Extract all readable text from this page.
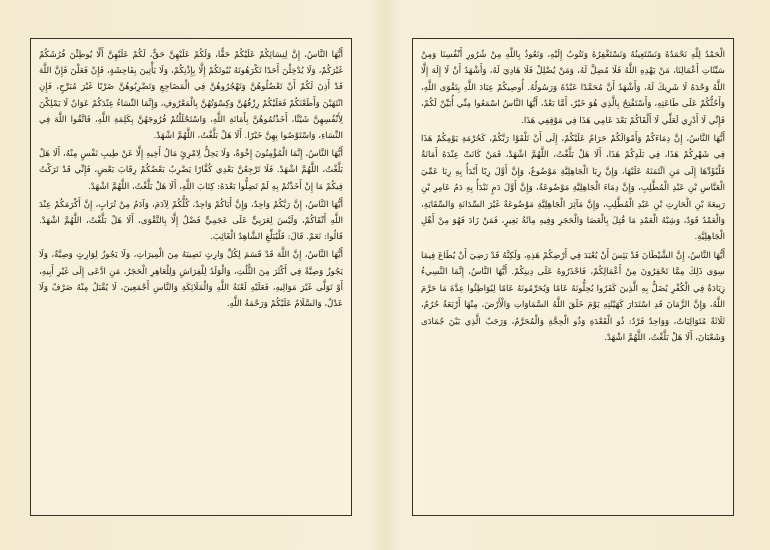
أَيُّهَا النَّاسُ، إِنَّ لِنِسَائِكُمْ عَلَيْكُمْ حَقًّا، وَلَكُمْ عَلَيْهِنَّ حَقٌّ، لَكُمْ عَلَيْهِنَّ أَلَّا يُوطِئْنَ فُرُشَكُمْ غَيْرَكُمْ، وَلَا يُدْخِلْنَ أَحَدًا تَكْرَهُونَهُ بُيُوتَكُمْ إِلَّا بِإِذْنِكُمْ، وَلَا يَأْتِينَ بِفَاحِشَةٍ، فَإِنْ فَعَلْنَ فَإِنَّ اللَّهَ قَدْ أَذِنَ لَكُمْ أَنْ تَعْضُلُوهُنَّ وَتَهْجُرُوهُنَّ فِي الْمَضَاجِعِ وَتَضْرِبُوهُنَّ ضَرْبًا غَيْرَ مُبَرِّحٍ، فَإِنِ انْتَهَيْنَ وَأَطَعْنَكُمْ فَعَلَيْكُمْ رِزْقُهُنَّ وَكِسْوَتُهُنَّ بِالْمَعْرُوفِ، وَإِنَّمَا النِّسَاءُ عِنْدَكُمْ عَوَانٌ لَا يَمْلِكْنَ لِأَنْفُسِهِنَّ شَيْئًا، أَخَذْتُمُوهُنَّ بِأَمَانَةِ اللَّهِ، وَاسْتَحْلَلْتُمْ فُرُوجَهُنَّ بِكَلِمَةِ اللَّهِ، فَاتَّقُوا اللَّهَ فِي النِّسَاءِ، وَاسْتَوْصُوا بِهِنَّ خَيْرًا. أَلَا هَلْ بَلَّغْتُ، اللَّهُمَّ اشْهَدْ.

أَيُّهَا النَّاسُ، إِنَّمَا الْمُؤْمِنُونَ إِخْوَةٌ، وَلَا يَحِلُّ لِامْرِئٍ مَالُ أَخِيهِ إِلَّا عَنْ طِيبِ نَفْسٍ مِنْهُ، أَلَا هَلْ بَلَّغْتُ، اللَّهُمَّ اشْهَدْ. فَلَا تَرْجِعُنَّ بَعْدِي كُفَّارًا يَضْرِبُ بَعْضُكُمْ رِقَابَ بَعْضٍ، فَإِنِّي قَدْ تَرَكْتُ فِيكُمْ مَا إِنْ أَخَذْتُمْ بِهِ لَمْ تَضِلُّوا بَعْدَهُ: كِتَابَ اللَّهِ، أَلَا هَلْ بَلَّغْتُ، اللَّهُمَّ اشْهَدْ.

أَيُّهَا النَّاسُ، إِنَّ رَبَّكُمْ وَاحِدٌ، وَإِنَّ أَبَاكُمْ وَاحِدٌ، كُلُّكُمْ لِآدَمَ، وَآدَمُ مِنْ تُرَابٍ، إِنَّ أَكْرَمَكُمْ عِنْدَ اللَّهِ أَتْقَاكُمْ، وَلَيْسَ لِعَرَبِيٍّ عَلَى عَجَمِيٍّ فَضْلٌ إِلَّا بِالتَّقْوَى، أَلَا هَلْ بَلَّغْتُ، اللَّهُمَّ اشْهَدْ. قَالُوا: نَعَمْ. قَالَ: فَلْيُبَلِّغِ الشَّاهِدُ الْغَائِبَ.

أَيُّهَا النَّاسُ، إِنَّ اللَّهَ قَدْ قَسَمَ لِكُلِّ وَارِثٍ نَصِيبَهُ مِنَ الْمِيرَاثِ، وَلَا يَجُوزُ لِوَارِثٍ وَصِيَّةٌ، وَلَا يَجُوزُ وَصِيَّةٌ فِي أَكْثَرَ مِنَ الثُّلُثِ، وَالْوَلَدُ لِلْفِرَاشِ وَلِلْعَاهِرِ الْحَجَرُ، مَنِ ادَّعَى إِلَى غَيْرِ أَبِيهِ، أَوْ تَوَلَّى غَيْرَ مَوَالِيهِ، فَعَلَيْهِ لَعْنَةُ اللَّهِ وَالْمَلَائِكَةِ وَالنَّاسِ أَجْمَعِينَ، لَا يُقْبَلُ مِنْهُ صَرْفٌ وَلَا عَدْلٌ، وَالسَّلَامُ عَلَيْكُمْ وَرَحْمَةُ اللَّهِ.

الْحَمْدُ لِلَّهِ نَحْمَدُهُ وَنَسْتَعِينُهُ وَنَسْتَغْفِرُهُ وَنَتُوبُ إِلَيْهِ، وَنَعُوذُ بِاللَّهِ مِنْ شُرُورِ أَنْفُسِنَا وَمِنْ سَيِّئَاتِ أَعْمَالِنَا، مَنْ يَهْدِهِ اللَّهُ فَلَا مُضِلَّ لَهُ، وَمَنْ يُضْلِلْ فَلَا هَادِيَ لَهُ، وَأَشْهَدُ أَنْ لَا إِلَهَ إِلَّا اللَّهُ وَحْدَهُ لَا شَرِيكَ لَهُ، وَأَشْهَدُ أَنَّ مُحَمَّدًا عَبْدُهُ وَرَسُولُهُ. أُوصِيكُمْ عِبَادَ اللَّهِ بِتَقْوَى اللَّهِ، وَأَحُثُّكُمْ عَلَى طَاعَتِهِ، وَأَسْتَفْتِحُ بِالَّذِي هُوَ خَيْرٌ، أَمَّا بَعْدُ، أَيُّهَا النَّاسُ اسْمَعُوا مِنِّي أُبَيِّنْ لَكُمْ، فَإِنِّي لَا أَدْرِي لَعَلِّي لَا أَلْقَاكُمْ بَعْدَ عَامِي هَذَا فِي مَوْقِفِي هَذَا.

أَيُّهَا النَّاسُ، إِنَّ دِمَاءَكُمْ وَأَمْوَالَكُمْ حَرَامٌ عَلَيْكُمْ، إِلَى أَنْ تَلْقَوْا رَبَّكُمْ، كَحُرْمَةِ يَوْمِكُمْ هَذَا فِي شَهْرِكُمْ هَذَا، فِي بَلَدِكُمْ هَذَا، أَلَا هَلْ بَلَّغْتُ، اللَّهُمَّ اشْهَدْ، فَمَنْ كَانَتْ عِنْدَهُ أَمَانَةٌ فَلْيُؤَدِّهَا إِلَى مَنِ ائْتَمَنَهُ عَلَيْهَا، وَإِنَّ رِبَا الْجَاهِلِيَّةِ مَوْضُوعٌ، وَإِنَّ أَوَّلَ رِبًا أَبْدَأُ بِهِ رِبَا عَمِّيَ الْعَبَّاسِ بْنِ عَبْدِ الْمُطَّلِبِ، وَإِنَّ دِمَاءَ الْجَاهِلِيَّةِ مَوْضُوعَةٌ، وَإِنَّ أَوَّلَ دَمٍ نَبْدَأُ بِهِ دَمُ عَامِرِ بْنِ رَبِيعَةَ بْنِ الْحَارِثِ بْنِ عَبْدِ الْمُطَّلِبِ، وَإِنَّ مَآثِرَ الْجَاهِلِيَّةِ مَوْضُوعَةٌ غَيْرَ السِّدَانَةِ وَالسِّقَايَةِ، وَالْعَمْدُ قَوَدٌ، وَشِبْهُ الْعَمْدِ مَا قُتِلَ بِالْعَصَا وَالْحَجَرِ وَفِيهِ مِائَةُ بَعِيرٍ، فَمَنْ زَادَ فَهُوَ مِنْ أَهْلِ الْجَاهِلِيَّةِ.

أَيُّهَا النَّاسُ، إِنَّ الشَّيْطَانَ قَدْ يَئِسَ أَنْ يُعْبَدَ فِي أَرْضِكُمْ هَذِهِ، وَلَكِنَّهُ قَدْ رَضِيَ أَنْ يُطَاعَ فِيمَا سِوَى ذَلِكَ مِمَّا تَحْقِرُونَ مِنْ أَعْمَالِكُمْ، فَاحْذَرُوهُ عَلَى دِينِكُمْ. أَيُّهَا النَّاسُ، إِنَّمَا النَّسِيءُ زِيَادَةٌ فِي الْكُفْرِ يُضَلُّ بِهِ الَّذِينَ كَفَرُوا يُحِلُّونَهُ عَامًا وَيُحَرِّمُونَهُ عَامًا لِيُوَاطِئُوا عِدَّةَ مَا حَرَّمَ اللَّهُ، وَإِنَّ الزَّمَانَ قَدِ اسْتَدَارَ كَهَيْئَتِهِ يَوْمَ خَلَقَ اللَّهُ السَّمَاوَاتِ وَالْأَرْضَ، مِنْهَا أَرْبَعَةٌ حُرُمٌ، ثَلَاثَةٌ مُتَوَالِيَاتٌ، وَوَاحِدٌ فَرْدٌ: ذُو الْقَعْدَةِ وَذُو الْحِجَّةِ وَالْمُحَرَّمُ، وَرَجَبُ الَّذِي بَيْنَ جُمَادَى وَشَعْبَانَ، أَلَا هَلْ بَلَّغْتُ، اللَّهُمَّ اشْهَدْ.
